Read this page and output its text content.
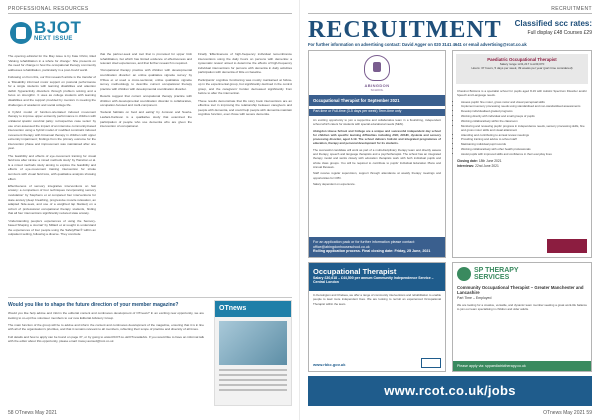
PROFESSIONAL RESOURCES
BJOT
NEXT ISSUE

The opening editorial for the May issue is by Kate Christ, titled 'Valuing rehabilitation in a whole for change'. She presents on the need for change in how the occupational therapy community addresses rehabilitation, particularly in a post-Covid world.

Following on from this, our first research article is the transfer of a 'Dissability informed motor support on postural performance for a single students with learning disabilities and attention deficit hyperactivity disorders through problem solving and a focus on strengths'. It uses as college students with learning disabilities and the support provided by mentors in meeting the challenges of academic and social college life.

A hybrid model of function-orientated induced movement therapy to improve upper extremity performance in children with unilateral spastic cerebral palsy: retrospective case series' by use of an assessed the impact of an intensive community-based intervention using a hybrid model of modified constraint induced movement therapy with bimanual therapy in children with upper extremity impairment; findings from the primary outcome for the intervention phase and improvement was maintained after one year.

The feasibility and effects of eye-movement training for visual field loss after stroke: a mixed methods study' by Hazelton et al. is a mixed methods study aiming to explore the feasibility and effects of eye-movement training intervention for stroke survivors with visual field loss, with qualitative analysis showing effect.

Effectiveness of sensory integrative interventions on fast anxiety: a comparison of four techniques incorporating sensory modulation' by Stephens et al compared four interventions for state anxiety (deep breathing, progressive muscle relaxation, an adapted hide-seek, and use of a weighted lap blanket) on a cohort of professional occupational therapy students, finding that all four interventions significantly reduced state anxiety.

'Understanding people's experiences of using the Sensory-based Shaping a Journal' by Millard et al sought to understand the experiences of four people using the SafetyPlan® within an outpatient setting, following a diverse. They conclude

that the partner-seek and tool that is promoted for upper limb rehabilitation, but which has limited evidence of effectiveness and relevant cited experiences, and that further research is required.

'Occupational therapy practice with children with developmental coordination disorder: an online qualitative vignette survey' by O'Dea et al used a cross-sectional, online qualitative vignette survey methodology to describe current occupational therapy practice with children with developmental coordination disorder.

Results suggest that current occupational therapy practice with children with developmental coordination disorder is collaborative, occupation-focused and multi-component.

'Federal habitats on food and eating' by Jonsson and Soeria-Lasfant-Karlsson is a qualitative study that examined the participation of people who use dementia who are given the intervention of occupational.

Finally 'Effectiveness of high-frequency individual remembrance interventions using the daily hours on persons with dementia: a systematic review' aimed to determine the effects of high-frequency individual interventions for persons with dementia in daily activities participation with dementia of little on baseline.

Participants' cognitive functioning was mostly maintained at follow-up in the experimental group, but significantly declined in the control group, and the caregivers' burden decreased significantly from before to after the intervention.

These results demonstrate that life story book interventions are an effective tool in improving the relationship between caregivers and people with dementia, and could help people with dementia maintain cognitive function, even those with severe dementia.

Would you like to shape the future direction of your member magazine?

Would you like help advise and inform the editorial content and continuous development of OTnews? In an exciting new opportunity, we are looking to co-opt five volunteer members to our new Editorial Advisory Group.

The main function of the group will be to advise and inform the content and continuous development of the magazine, ensuring that it is in line with all of the organisation's priorities, and that it remains relevant to all members, reflecting their scope of practice and diversity of all times.

Full details and how to apply can be found on page 37, or by going to www.RCOT.co.uk/OTnewsEAG. If you would like to have an informal talk with the editor about this opportunity, please email: tracey.auroud@rcot.co.uk

OTnews
58 OTnews May 2021
RECRUITMENT
RECRUITMENT Classified scc rates:
Full display £48 Courses £29
For further information on advertising contact: David Agger on 020 3141 4641 or email advertising@rcot.co.uk
ABINGDON
SCHOOL
Occupational Therapist for September 2021
Part-time or Full-time (3-5 days per week) Term-time only

An exciting opportunity to join a supportive and collaborative team in a flourishing, independent school which caters for students with special educational needs (SEN).

Abingdon House School and College are a unique and successful independent day school for children with specific learning difficulties including ASD, ADHD, dyslexia and sensory processing disorder, aged 4-19. The school delivers holistic and integrated programmes of education, therapy and personal development for its students.

The successful candidate will work as part of a multi-disciplinary therapy team and directly assess and therapy, speech and language therapists and a psychotherapist. The school has an integrated therapy model and works closely with education therapists work with both individual pupils and whole class groups. You will be required to contribute to pupils' Individual Education Plans and Annual Reviews.

Staff receive regular supervision, support through attendance at weekly therapy meetings and opportunities for CPD.

Salary dependent on experience.

For an application pack or for further information please contact: office@abingdonhouseschool.co.uk
Rolling application process. Final closing date: Friday, 25 June, 2021
Paediatric Occupational Therapist
Salary range: £31,217 to £33,070
Hours: 37 hours, 5 days per week, 39 weeks per year (part time considered)
Chestnut Bottoms is a specialist school for pupils aged 8-19 with Autistic Spectrum Disorder and/or Speech and Language needs.
• Assess pupils' fine motor, gross motor and visual perceptual skills
• Implement sensory processing needs using standardised and non-standardised assessments
• Develop individualised graded programs
• Working directly with individual and small groups of pupils
• Working collaboratively within the classroom
• Monitoring and reviewing pupils' progress in independence needs, sensory processing skills, fine and gross motor skills and visual attainment
• Attending and contributing to annual review meetings
• Providing training and advice to school staff
• Maintaining individual pupil records
• Working collaboratively with other health professionals
• Assist pupils with improved skills and confidence in their everyday lives
Closing date: 18th June 2021
Interviews: 22nd June 2021
Occupational Therapist
Salary £30,618 – £44,500 per annum Community Independence Service – Central London
In Kensington and Chelsea, we offer a range of community interventions and rehabilitation to enable people to lead more independent lives. We are looking to recruit an experienced Occupational Therapist within the team.
www.rbkc.gov.uk
SP THERAPY
SERVICES
Community Occupational Therapist – Greater Manchester and Lancashire
Part Time – Employed
We are looking for a creative, versatile, and dynamic team member seeking a great work-life balance to join our team specialising in children and older adults.
Please apply via: sppaediatrictherapy.co.uk
www.rcot.co.uk/jobs
OTnews May 2021 59
